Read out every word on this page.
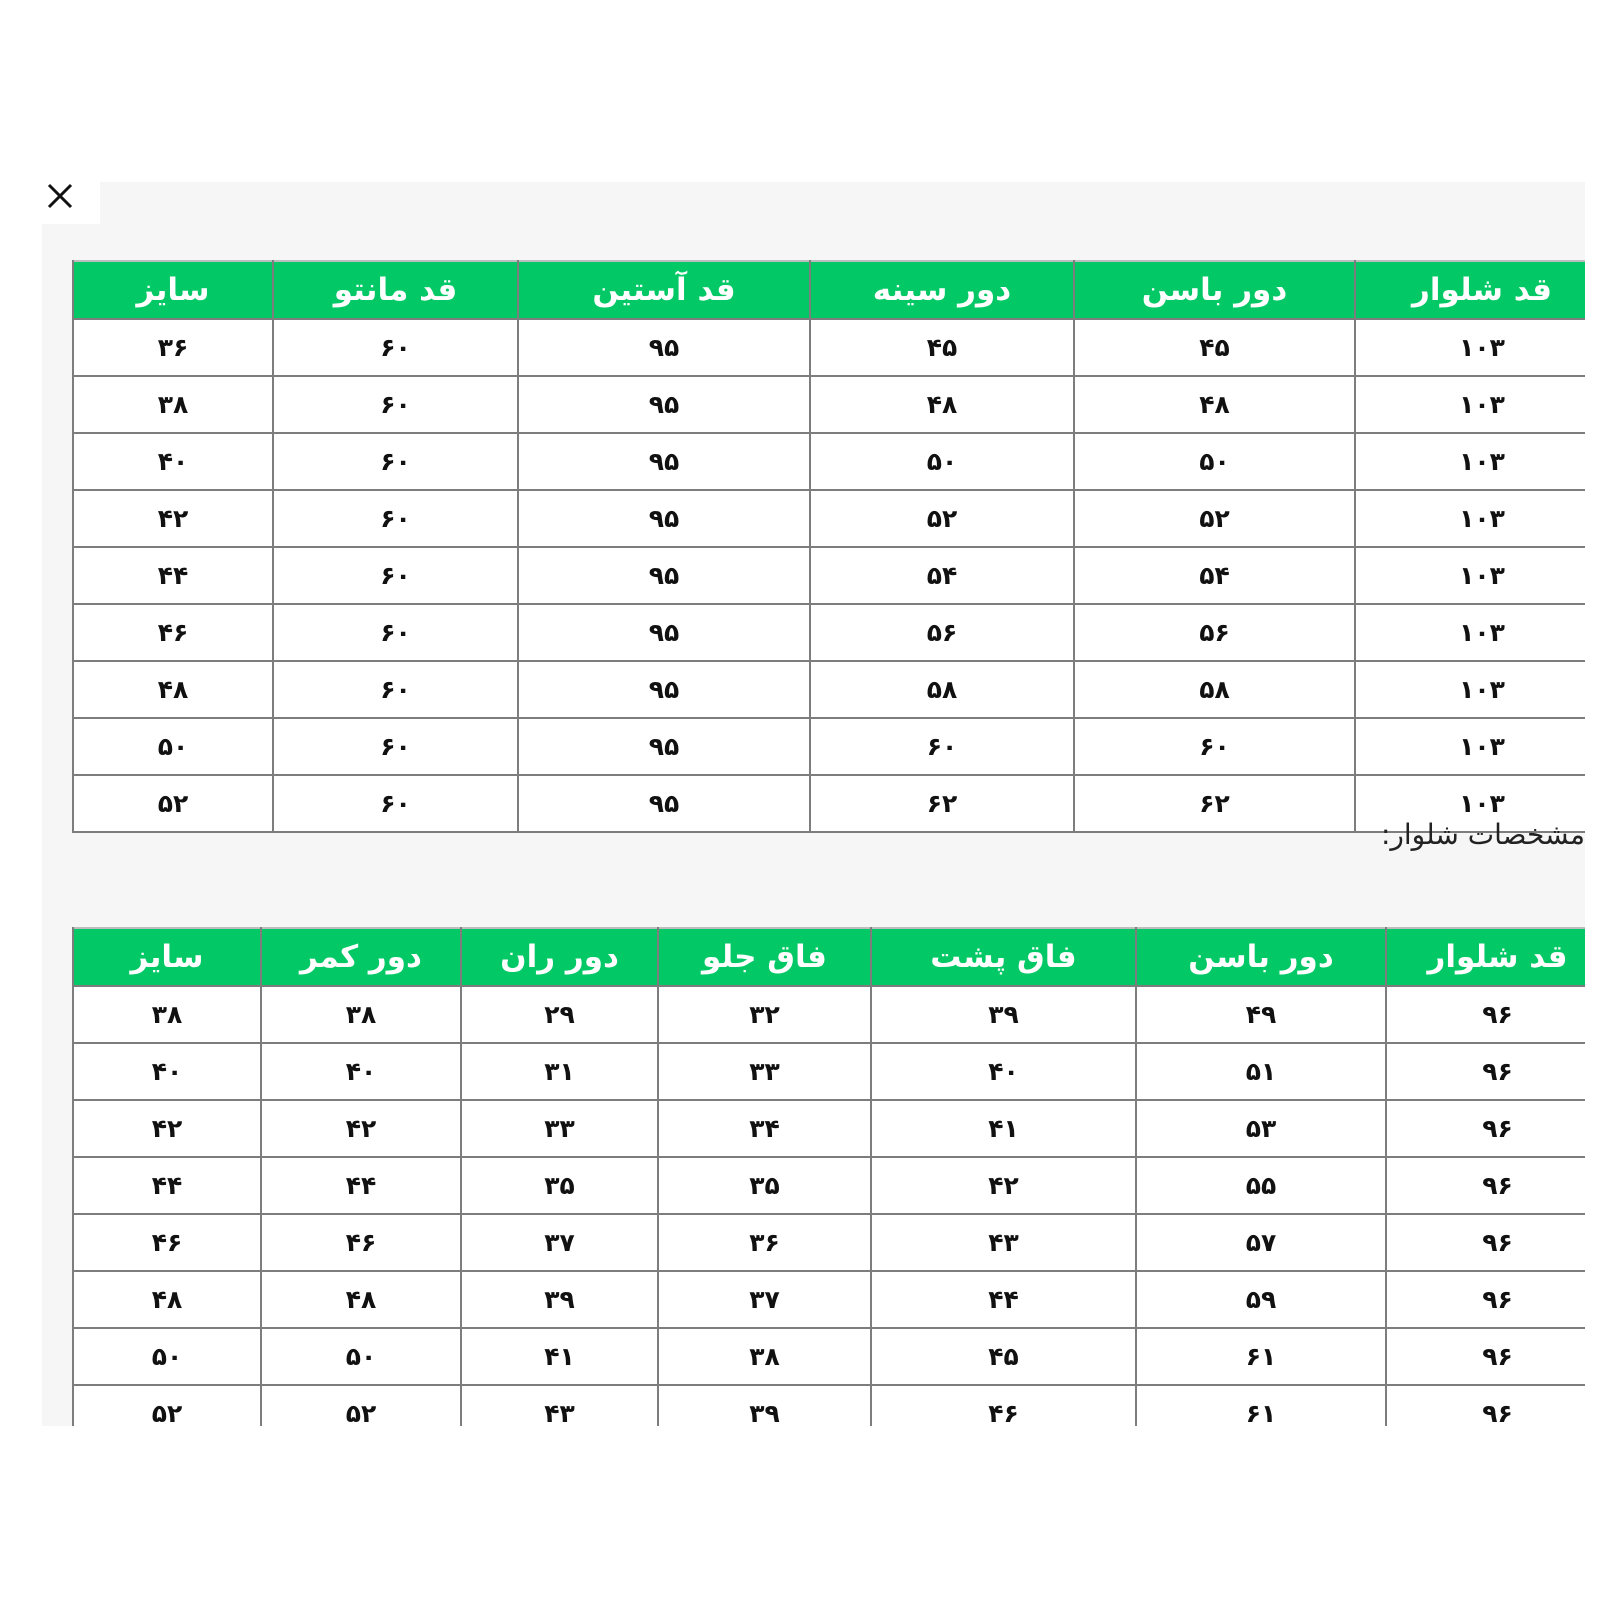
قد شلوار	دور باسن	دور سینه	قد آستین	قد مانتو	سایز
۱۰۳	۴۵	۴۵	۹۵	۶۰	۳۶
۱۰۳	۴۸	۴۸	۹۵	۶۰	۳۸
۱۰۳	۵۰	۵۰	۹۵	۶۰	۴۰
۱۰۳	۵۲	۵۲	۹۵	۶۰	۴۲
۱۰۳	۵۴	۵۴	۹۵	۶۰	۴۴
۱۰۳	۵۶	۵۶	۹۵	۶۰	۴۶
۱۰۳	۵۸	۵۸	۹۵	۶۰	۴۸
۱۰۳	۶۰	۶۰	۹۵	۶۰	۵۰
۱۰۳	۶۲	۶۲	۹۵	۶۰	۵۲
مشخصات شلوار:
قد شلوار	دور باسن	فاق پشت	فاق جلو	دور ران	دور کمر	سایز
۹۶	۴۹	۳۹	۳۲	۲۹	۳۸	۳۸
۹۶	۵۱	۴۰	۳۳	۳۱	۴۰	۴۰
۹۶	۵۳	۴۱	۳۴	۳۳	۴۲	۴۲
۹۶	۵۵	۴۲	۳۵	۳۵	۴۴	۴۴
۹۶	۵۷	۴۳	۳۶	۳۷	۴۶	۴۶
۹۶	۵۹	۴۴	۳۷	۳۹	۴۸	۴۸
۹۶	۶۱	۴۵	۳۸	۴۱	۵۰	۵۰
۹۶	۶۱	۴۶	۳۹	۴۳	۵۲	۵۲
